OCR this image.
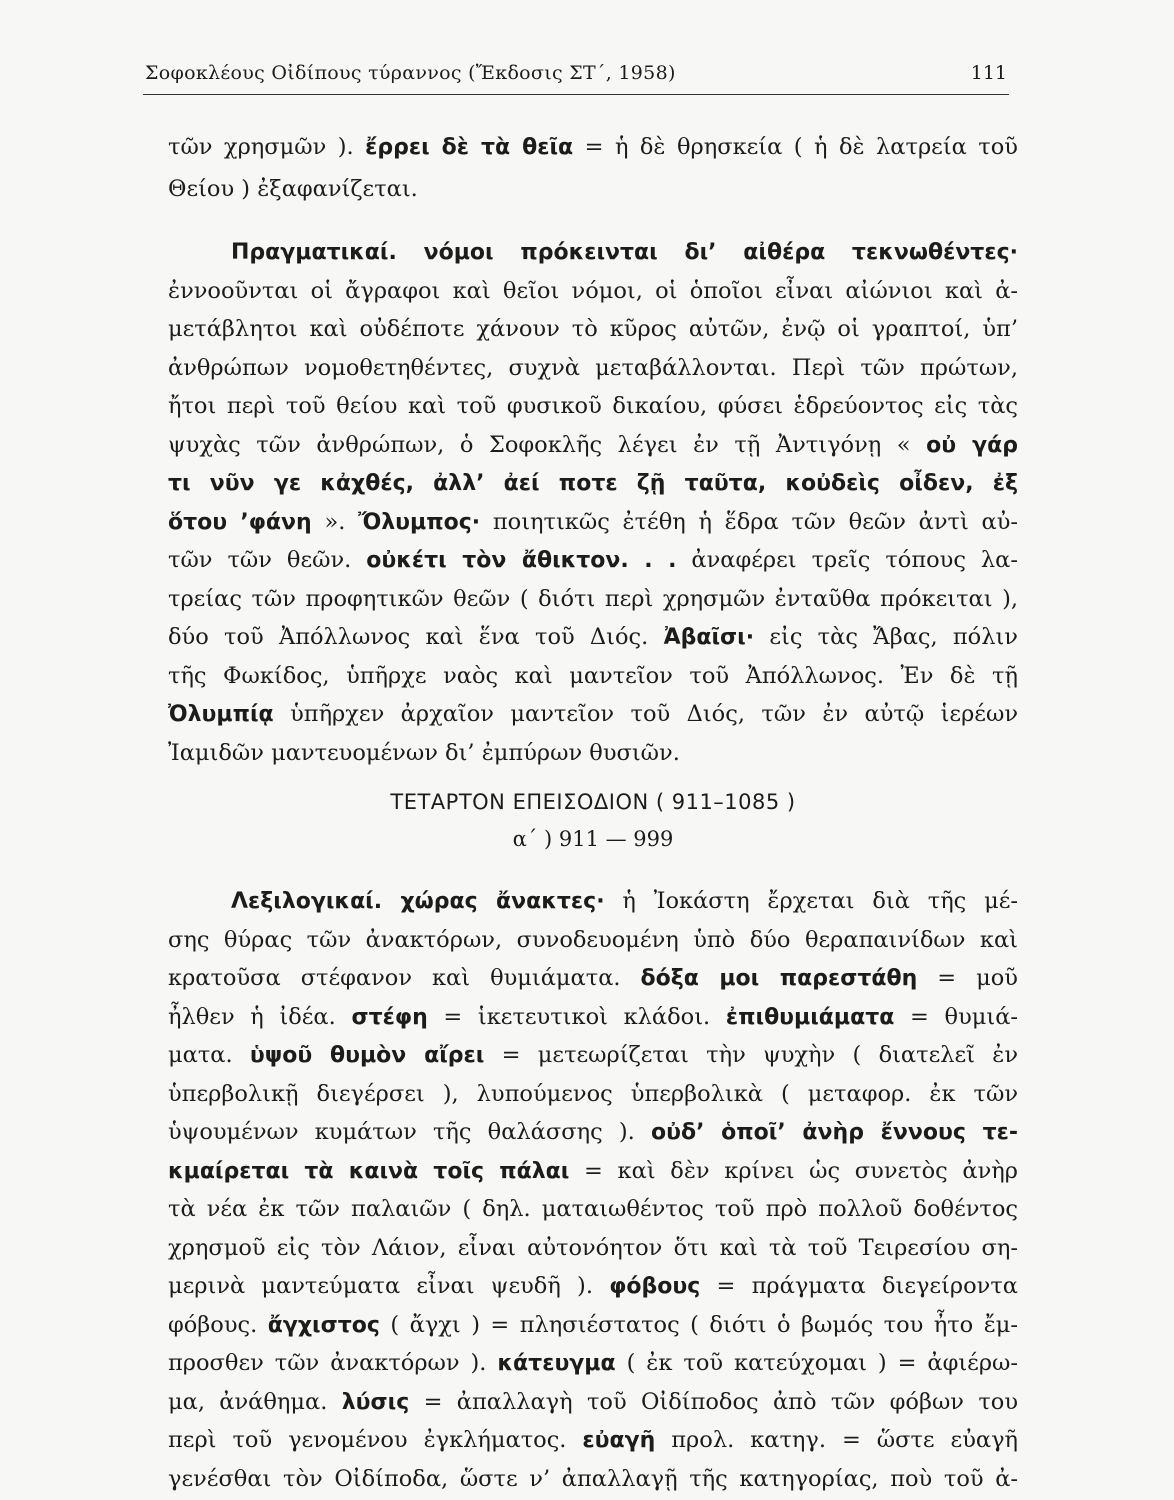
Σοφοκλέους Οἰδίπους τύραννος (Ἔκδοσις ΣΤ΄, 1958)	111
τῶν χρησμῶν ). ἔρρει δὲ τὰ θεῖα = ἡ δὲ θρησκεία ( ἡ δὲ λατρεία τοῦ
Θείου ) ἐξαφανίζεται.
Πραγματικαί. νόμοι πρόκεινται δι’ αἰθέρα τεκνωθέντες·
ἐννοοῦνται οἱ ἄγραφοι καὶ θεῖοι νόμοι, οἱ ὁποῖοι εἶναι αἰώνιοι καὶ ἀ-
μετάβλητοι καὶ οὐδέποτε χάνουν τὸ κῦρος αὐτῶν, ἐνῷ οἱ γραπτοί, ὑπ’
ἀνθρώπων νομοθετηθέντες, συχνὰ μεταβάλλονται. Περὶ τῶν πρώτων,
ἤτοι περὶ τοῦ θείου καὶ τοῦ φυσικοῦ δικαίου, φύσει ἑδρεύοντος εἰς τὰς
ψυχὰς τῶν ἀνθρώπων, ὁ Σοφοκλῆς λέγει ἐν τῇ Ἀντιγόνῃ « οὐ γάρ
τι νῦν γε κἀχθές, ἀλλ’ ἀεί ποτε ζῇ ταῦτα, κοὐδεὶς οἶδεν, ἐξ
ὅτου ’φάνη ». Ὄλυμπος· ποιητικῶς ἐτέθη ἡ ἕδρα τῶν θεῶν ἀντὶ αὐ-
τῶν τῶν θεῶν. οὐκέτι τὸν ἄθικτον. . . ἀναφέρει τρεῖς τόπους λα-
τρείας τῶν προφητικῶν θεῶν ( διότι περὶ χρησμῶν ἐνταῦθα πρόκειται ),
δύο τοῦ Ἀπόλλωνος καὶ ἕνα τοῦ Διός. Ἀβαῖσι· εἰς τὰς Ἄβας, πόλιν
τῆς Φωκίδος, ὑπῆρχε ναὸς καὶ μαντεῖον τοῦ Ἀπόλλωνος. Ἐν δὲ τῇ
Ὀλυμπίᾳ ὑπῆρχεν ἀρχαῖον μαντεῖον τοῦ Διός, τῶν ἐν αὐτῷ ἱερέων
Ἰαμιδῶν μαντευομένων δι’ ἐμπύρων θυσιῶν.
ΤΕΤΑΡΤΟΝ ΕΠΕΙΣΟΔΙΟΝ ( 911–1085 )
α΄ ) 911 — 999
Λεξιλογικαί. χώρας ἄνακτες· ἡ Ἰοκάστη ἔρχεται διὰ τῆς μέ-
σης θύρας τῶν ἀνακτόρων, συνοδευομένη ὑπὸ δύο θεραπαινίδων καὶ
κρατοῦσα στέφανον καὶ θυμιάματα. δόξα μοι παρεστάθη = μοῦ
ἦλθεν ἡ ἰδέα. στέφη = ἱκετευτικοὶ κλάδοι. ἐπιθυμιάματα = θυμιά-
ματα. ὑψοῦ θυμὸν αἴρει = μετεωρίζεται τὴν ψυχὴν ( διατελεῖ ἐν
ὑπερβολικῇ διεγέρσει ), λυπούμενος ὑπερβολικὰ ( μεταφορ. ἐκ τῶν
ὑψουμένων κυμάτων τῆς θαλάσσης ). οὐδ’ ὁποῖ’ ἀνὴρ ἔννους τε-
κμαίρεται τὰ καινὰ τοῖς πάλαι = καὶ δὲν κρίνει ὡς συνετὸς ἀνὴρ
τὰ νέα ἐκ τῶν παλαιῶν ( δηλ. ματαιωθέντος τοῦ πρὸ πολλοῦ δοθέντος
χρησμοῦ εἰς τὸν Λάιον, εἶναι αὐτονόητον ὅτι καὶ τὰ τοῦ Τειρεσίου ση-
μερινὰ μαντεύματα εἶναι ψευδῆ ). φόβους = πράγματα διεγείροντα
φόβους. ἄγχιστος ( ἄγχι ) = πλησιέστατος ( διότι ὁ βωμός του ἦτο ἔμ-
προσθεν τῶν ἀνακτόρων ). κάτευγμα ( ἐκ τοῦ κατεύχομαι ) = ἀφιέρω-
μα, ἀνάθημα. λύσις = ἀπαλλαγὴ τοῦ Οἰδίποδος ἀπὸ τῶν φόβων του
περὶ τοῦ γενομένου ἐγκλήματος. εὐαγῆ προλ. κατηγ. = ὥστε εὐαγῆ
γενέσθαι τὸν Οἰδίποδα, ὥστε ν’ ἀπαλλαγῇ τῆς κατηγορίας, ποὺ τοῦ ἀ-
